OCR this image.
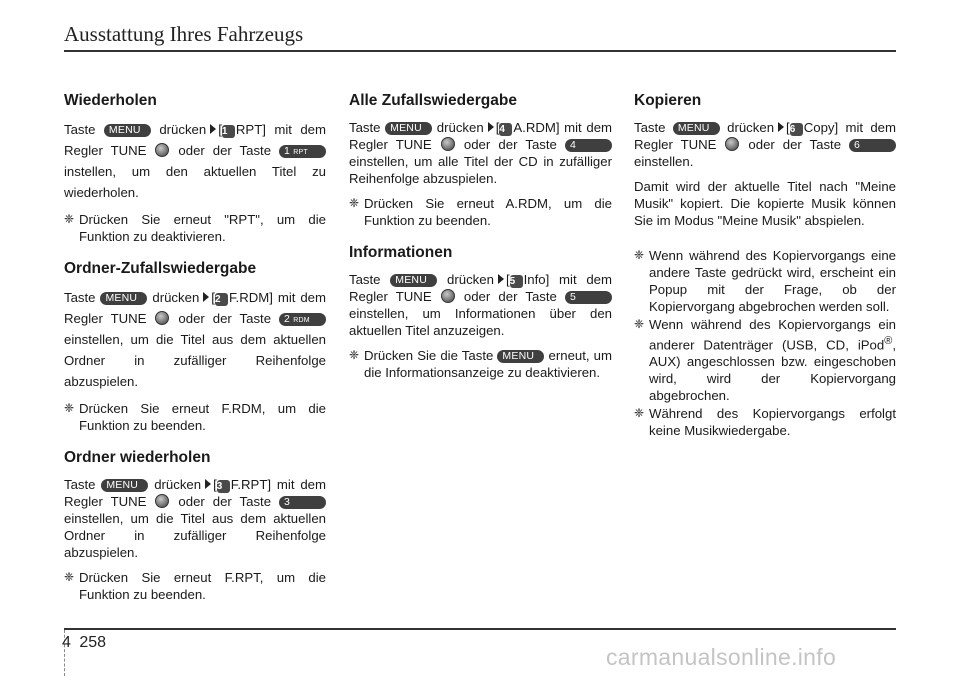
Ausstattung Ihres Fahrzeugs
Wiederholen

Taste MENU drücken [1 RPT] mit dem Regler TUNE oder der Taste 1 RPT instellen, um den aktuellen Titel zu wiederholen.

❈ Drücken Sie erneut "RPT", um die Funktion zu deaktivieren.
Ordner-Zufallswiedergabe

Taste MENU drücken [2 F.RDM] mit dem Regler TUNE oder der Taste 2 RDM einstellen, um die Titel aus dem aktuellen Ordner in zufälliger Reihenfolge abzuspielen.

❈ Drücken Sie erneut F.RDM, um die Funktion zu beenden.
Ordner wiederholen

Taste MENU drücken [3 F.RPT] mit dem Regler TUNE oder der Taste 3 einstellen, um die Titel aus dem aktuellen Ordner in zufälliger Reihenfolge abzuspielen.

❈ Drücken Sie erneut F.RPT, um die Funktion zu beenden.
Alle Zufallswiedergabe

Taste MENU drücken [4 A.RDM] mit dem Regler TUNE oder der Taste 4 einstellen, um alle Titel der CD in zufälliger Reihenfolge abzuspielen.

❈ Drücken Sie erneut A.RDM, um die Funktion zu beenden.
Informationen

Taste MENU drücken [5 Info] mit dem Regler TUNE oder der Taste 5 einstellen, um Informationen über den aktuellen Titel anzuzeigen.

❈ Drücken Sie die Taste MENU erneut, um die Informationsanzeige zu deaktivieren.
Kopieren

Taste MENU drücken [6 Copy] mit dem Regler TUNE oder der Taste 6 einstellen.

Damit wird der aktuelle Titel nach "Meine Musik" kopiert. Die kopierte Musik können Sie im Modus "Meine Musik" abspielen.

❈ Wenn während des Kopiervorgangs eine andere Taste gedrückt wird, erscheint ein Popup mit der Frage, ob der Kopiervorgang abgebrochen werden soll.
❈ Wenn während des Kopiervorgangs ein anderer Datenträger (USB, CD, iPod®, AUX) angeschlossen bzw. eingeschoben wird, wird der Kopiervorgang abgebrochen.
❈ Während des Kopiervorgangs erfolgt keine Musikwiedergabe.
4 258
carmanualsonline.info
